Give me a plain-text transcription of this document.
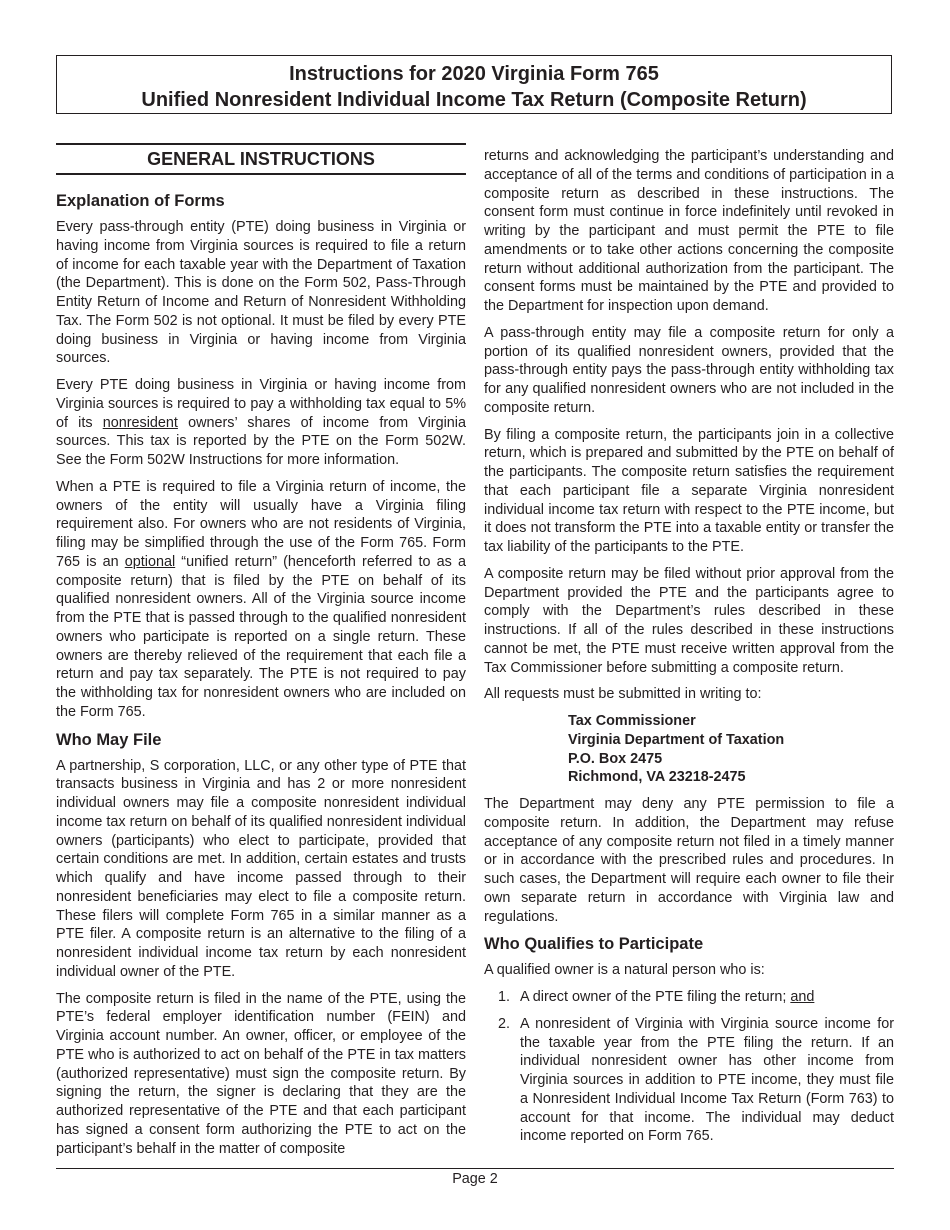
Instructions for 2020 Virginia Form 765
Unified Nonresident Individual Income Tax Return (Composite Return)
GENERAL INSTRUCTIONS
Explanation of Forms

Every pass-through entity (PTE) doing business in Virginia or having income from Virginia sources is required to file a return of income for each taxable year with the Department of Taxation (the Department). This is done on the Form 502, Pass-Through Entity Return of Income and Return of Nonresident Withholding Tax. The Form 502 is not optional. It must be filed by every PTE doing business in Virginia or having income from Virginia sources.

Every PTE doing business in Virginia or having income from Virginia sources is required to pay a withholding tax equal to 5% of its nonresident owners’ shares of income from Virginia sources. This tax is reported by the PTE on the Form 502W. See the Form 502W Instructions for more information.

When a PTE is required to file a Virginia return of income, the owners of the entity will usually have a Virginia filing requirement also. For owners who are not residents of Virginia, filing may be simplified through the use of the Form 765. Form 765 is an optional “unified return” (henceforth referred to as a composite return) that is filed by the PTE on behalf of its qualified nonresident owners. All of the Virginia source income from the PTE that is passed through to the qualified nonresident owners who participate is reported on a single return. These owners are thereby relieved of the requirement that each file a return and pay tax separately. The PTE is not required to pay the withholding tax for nonresident owners who are included on the Form 765.

Who May File

A partnership, S corporation, LLC, or any other type of PTE that transacts business in Virginia and has 2 or more nonresident individual owners may file a composite nonresident individual income tax return on behalf of its qualified nonresident individual owners (participants) who elect to participate, provided that certain conditions are met. In addition, certain estates and trusts which qualify and have income passed through to their nonresident beneficiaries may elect to file a composite return. These filers will complete Form 765 in a similar manner as a PTE filer. A composite return is an alternative to the filing of a nonresident individual income tax return by each nonresident individual owner of the PTE.

The composite return is filed in the name of the PTE, using the PTE’s federal employer identification number (FEIN) and Virginia account number. An owner, officer, or employee of the PTE who is authorized to act on behalf of the PTE in tax matters (authorized representative) must sign the composite return. By signing the return, the signer is declaring that they are the authorized representative of the PTE and that each participant has signed a consent form authorizing the PTE to act on the participant’s behalf in the matter of composite

returns and acknowledging the participant’s understanding and acceptance of all of the terms and conditions of participation in a composite return as described in these instructions. The consent form must continue in force indefinitely until revoked in writing by the participant and must permit the PTE to file amendments or to take other actions concerning the composite return without additional authorization from the participant. The consent forms must be maintained by the PTE and provided to the Department for inspection upon demand.

A pass-through entity may file a composite return for only a portion of its qualified nonresident owners, provided that the pass-through entity pays the pass-through entity withholding tax for any qualified nonresident owners who are not included in the composite return.

By filing a composite return, the participants join in a collective return, which is prepared and submitted by the PTE on behalf of the participants. The composite return satisfies the requirement that each participant file a separate Virginia nonresident individual income tax return with respect to the PTE income, but it does not transform the PTE into a taxable entity or transfer the tax liability of the participants to the PTE.

A composite return may be filed without prior approval from the Department provided the PTE and the participants agree to comply with the Department’s rules described in these instructions. If all of the rules described in these instructions cannot be met, the PTE must receive written approval from the Tax Commissioner before submitting a composite return.

All requests must be submitted in writing to:

Tax Commissioner
Virginia Department of Taxation
P.O. Box 2475
Richmond, VA 23218-2475

The Department may deny any PTE permission to file a composite return. In addition, the Department may refuse acceptance of any composite return not filed in a timely manner or in accordance with the prescribed rules and procedures. In such cases, the Department will require each owner to file their own separate return in accordance with Virginia law and regulations.

Who Qualifies to Participate

A qualified owner is a natural person who is:

1. A direct owner of the PTE filing the return; and
2. A nonresident of Virginia with Virginia source income for the taxable year from the PTE filing the return. If an individual nonresident owner has other income from Virginia sources in addition to PTE income, they must file a Nonresident Individual Income Tax Return (Form 763) to account for that income. The individual may deduct income reported on Form 765.
Page 2
